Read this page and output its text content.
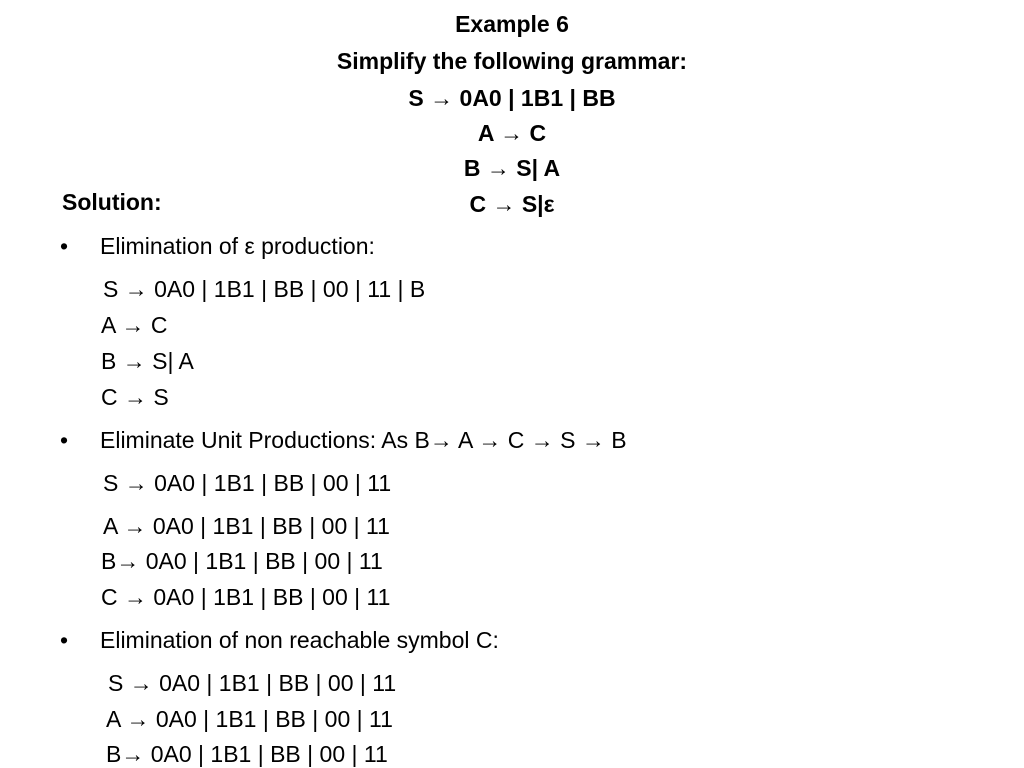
Example 6
Simplify the following grammar:
S → 0A0 | 1B1 | BB
A → C
B → S| A
C → S|ε
Solution:
• Elimination of ε production:
S → 0A0 | 1B1 | BB | 00 | 11 | B
A → C
B → S| A
C → S
• Eliminate Unit Productions: As B→ A → C → S → B
S → 0A0 | 1B1 | BB | 00 | 11
A → 0A0 | 1B1 | BB | 00 | 11
B→ 0A0 | 1B1 | BB | 00 | 11
C → 0A0 | 1B1 | BB | 00 | 11
• Elimination of non reachable symbol C:
S → 0A0 | 1B1 | BB | 00 | 11
A → 0A0 | 1B1 | BB | 00 | 11
B→ 0A0 | 1B1 | BB | 00 | 11
